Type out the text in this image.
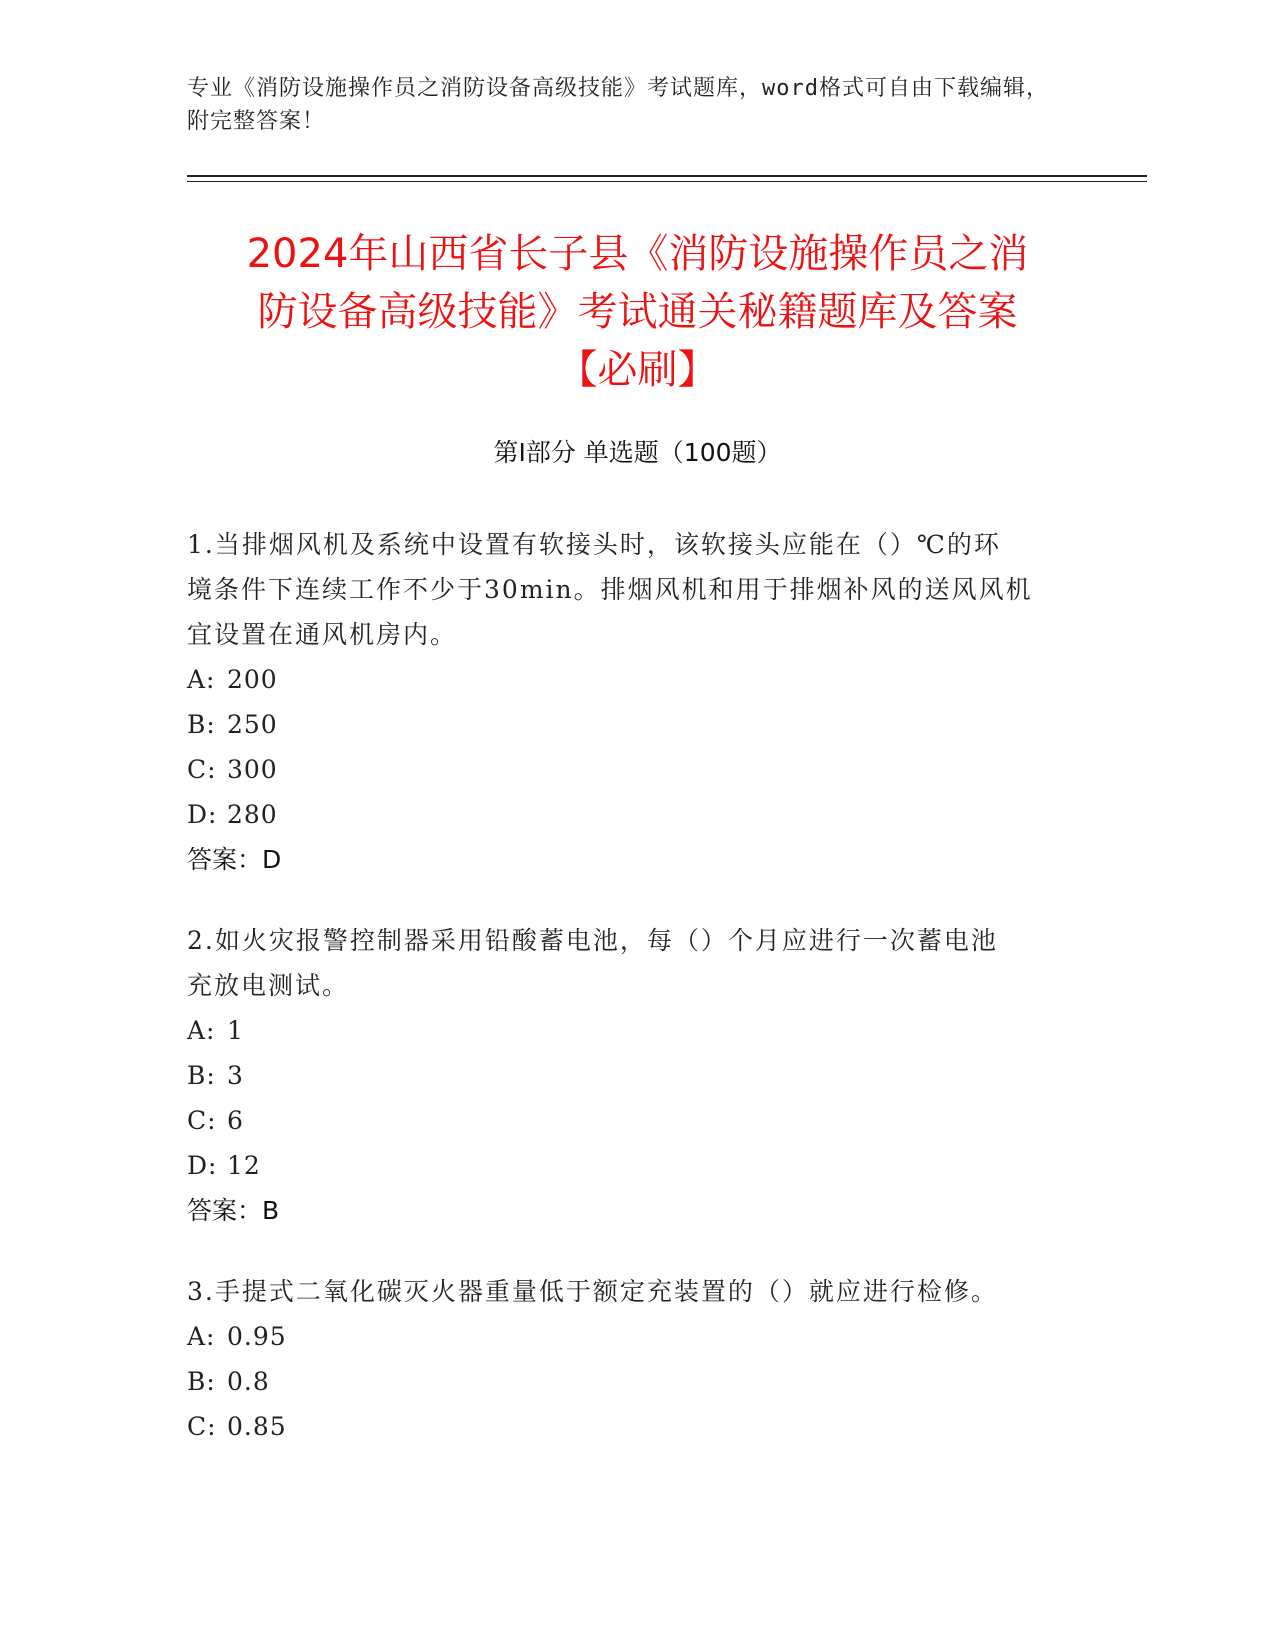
专业《消防设施操作员之消防设备高级技能》考试题库，word格式可自由下载编辑，附完整答案！
2024年山西省长子县《消防设施操作员之消
防设备高级技能》考试通关秘籍题库及答案
【必刷】
第I部分 单选题（100题）

1.当排烟风机及系统中设置有软接头时，该软接头应能在（）℃的环
境条件下连续工作不少于30min。排烟风机和用于排烟补风的送风风机
宜设置在通风机房内。

A: 200
B: 250
C: 300
D: 280
答案：D

2.如火灾报警控制器采用铅酸蓄电池，每（）个月应进行一次蓄电池
充放电测试。

A: 1
B: 3
C: 6
D: 12
答案：B

3.手提式二氧化碳灭火器重量低于额定充装置的（）就应进行检修。

A: 0.95
B: 0.8
C: 0.85
